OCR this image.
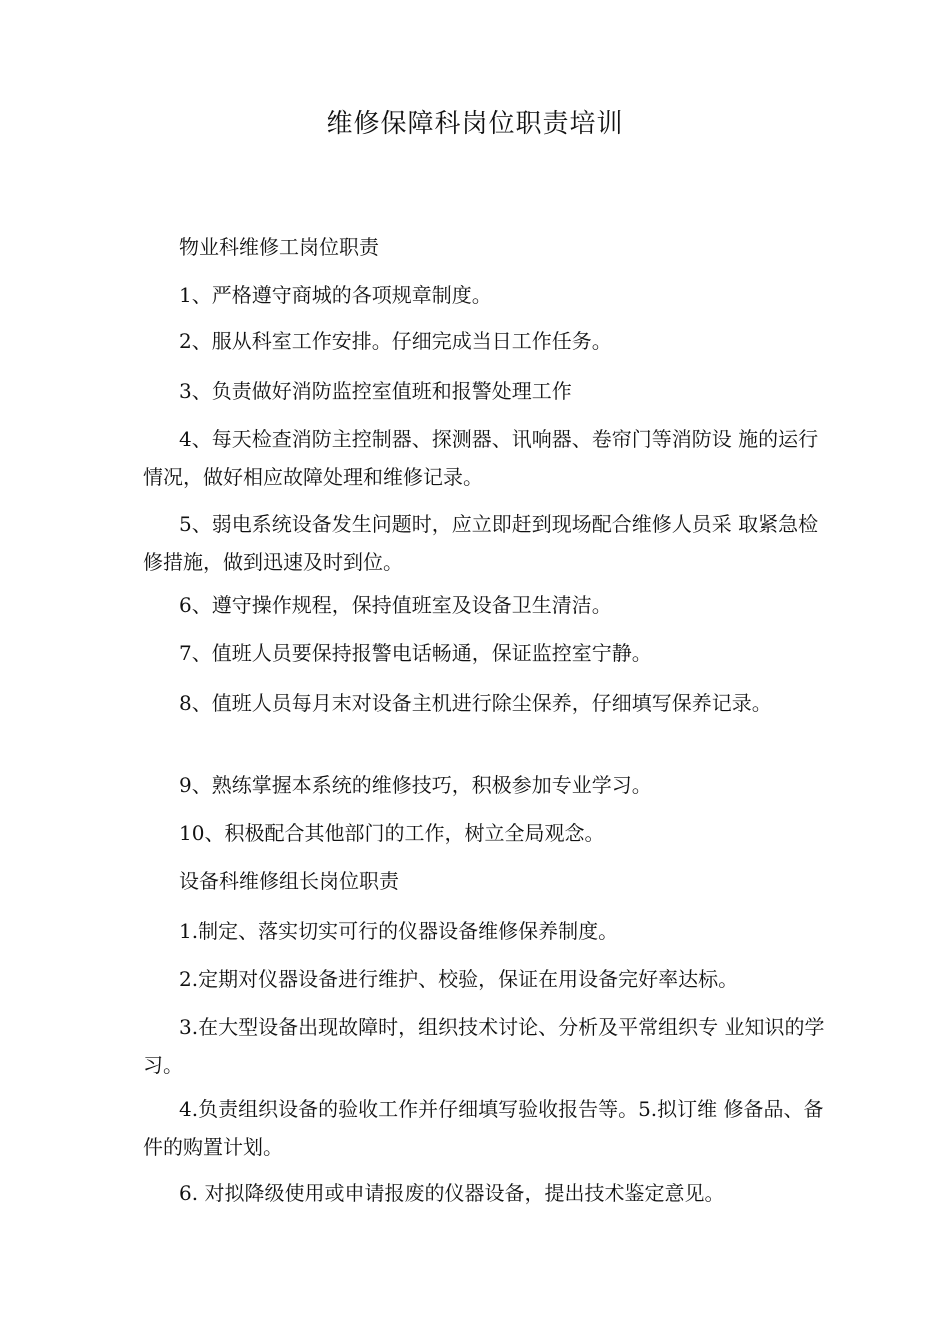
维修保障科岗位职责培训

物业科维修工岗位职责

1、严格遵守商城的各项规章制度。

2、服从科室工作安排。仔细完成当日工作任务。

3、负责做好消防监控室值班和报警处理工作

4、每天检查消防主控制器、探测器、讯响器、卷帘门等消防设 施的运行情况，做好相应故障处理和维修记录。

5、弱电系统设备发生问题时，应立即赶到现场配合维修人员采 取紧急检修措施，做到迅速及时到位。

6、遵守操作规程，保持值班室及设备卫生清洁。

7、值班人员要保持报警电话畅通，保证监控室宁静。

8、值班人员每月末对设备主机进行除尘保养，仔细填写保养记录。

9、熟练掌握本系统的维修技巧，积极参加专业学习。

10、积极配合其他部门的工作，树立全局观念。

设备科维修组长岗位职责

1.制定、落实切实可行的仪器设备维修保养制度。

2.定期对仪器设备进行维护、校验，保证在用设备完好率达标。

3.在大型设备出现故障时，组织技术讨论、分析及平常组织专 业知识的学习。

4.负责组织设备的验收工作并仔细填写验收报告等。5.拟订维 修备品、备件的购置计划。

6. 对拟降级使用或申请报废的仪器设备，提出技术鉴定意见。
